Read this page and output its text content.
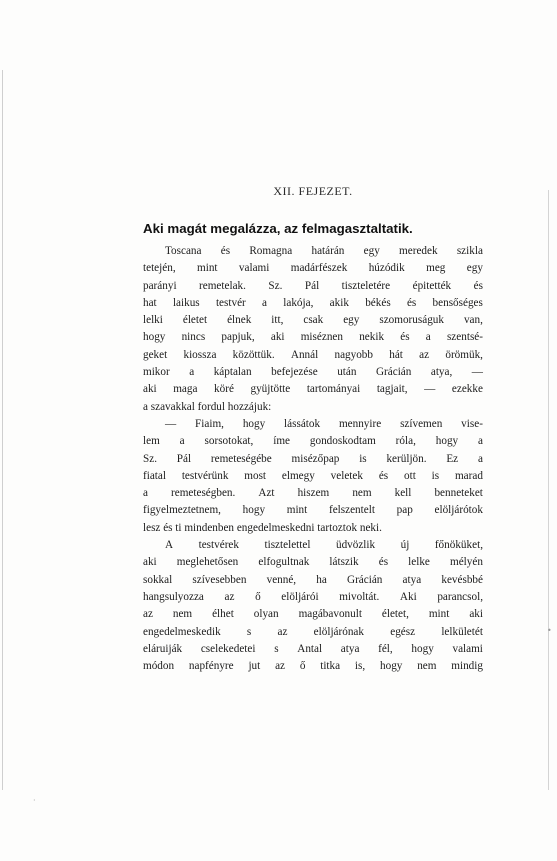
•
·
XII. FEJEZET.
Aki magát megalázza, az felmagasztaltatik.
Toscana és Romagna határán egy meredek szikla
tetején, mint valami madárfészek húzódik meg egy
parányi remetelak. Sz. Pál tiszteletére épitették és
hat laikus testvér a lakója, akik békés és bensőséges
lelki életet élnek itt, csak egy szomoruságuk van,
hogy nincs papjuk, aki miséznen nekik és a szentsé-
geket kiossza közöttük. Annál nagyobb hát az örömük,
mikor a káptalan befejezése után Grácián atya, —
aki maga köré gyüjtötte tartományai tagjait, — ezekke
a szavakkal fordul hozzájuk:
— Fiaim, hogy lássátok mennyire szívemen vise-
lem a sorsotokat, íme gondoskodtam róla, hogy a
Sz. Pál remeteségébe misézőpap is kerüljön. Ez a
fiatal testvérünk most elmegy veletek és ott is marad
a remeteségben. Azt hiszem nem kell benneteket
figyelmeztetnem, hogy mint felszentelt pap elöljárótok
lesz és ti mindenben engedelmeskedni tartoztok neki.
A testvérek tisztelettel üdvözlik új főnöküket,
aki meglehetősen elfogultnak látszik és lelke mélyén
sokkal szívesebben venné, ha Grácián atya kevésbbé
hangsulyozza az ő elöljárói mivoltát. Aki parancsol,
az nem élhet olyan magábavonult életet, mint aki
engedelmeskedik s az elöljárónak egész lelkületét
eláruiják cselekedetei s Antal atya fél, hogy valami
módon napfényre jut az ő titka is, hogy nem mindig
